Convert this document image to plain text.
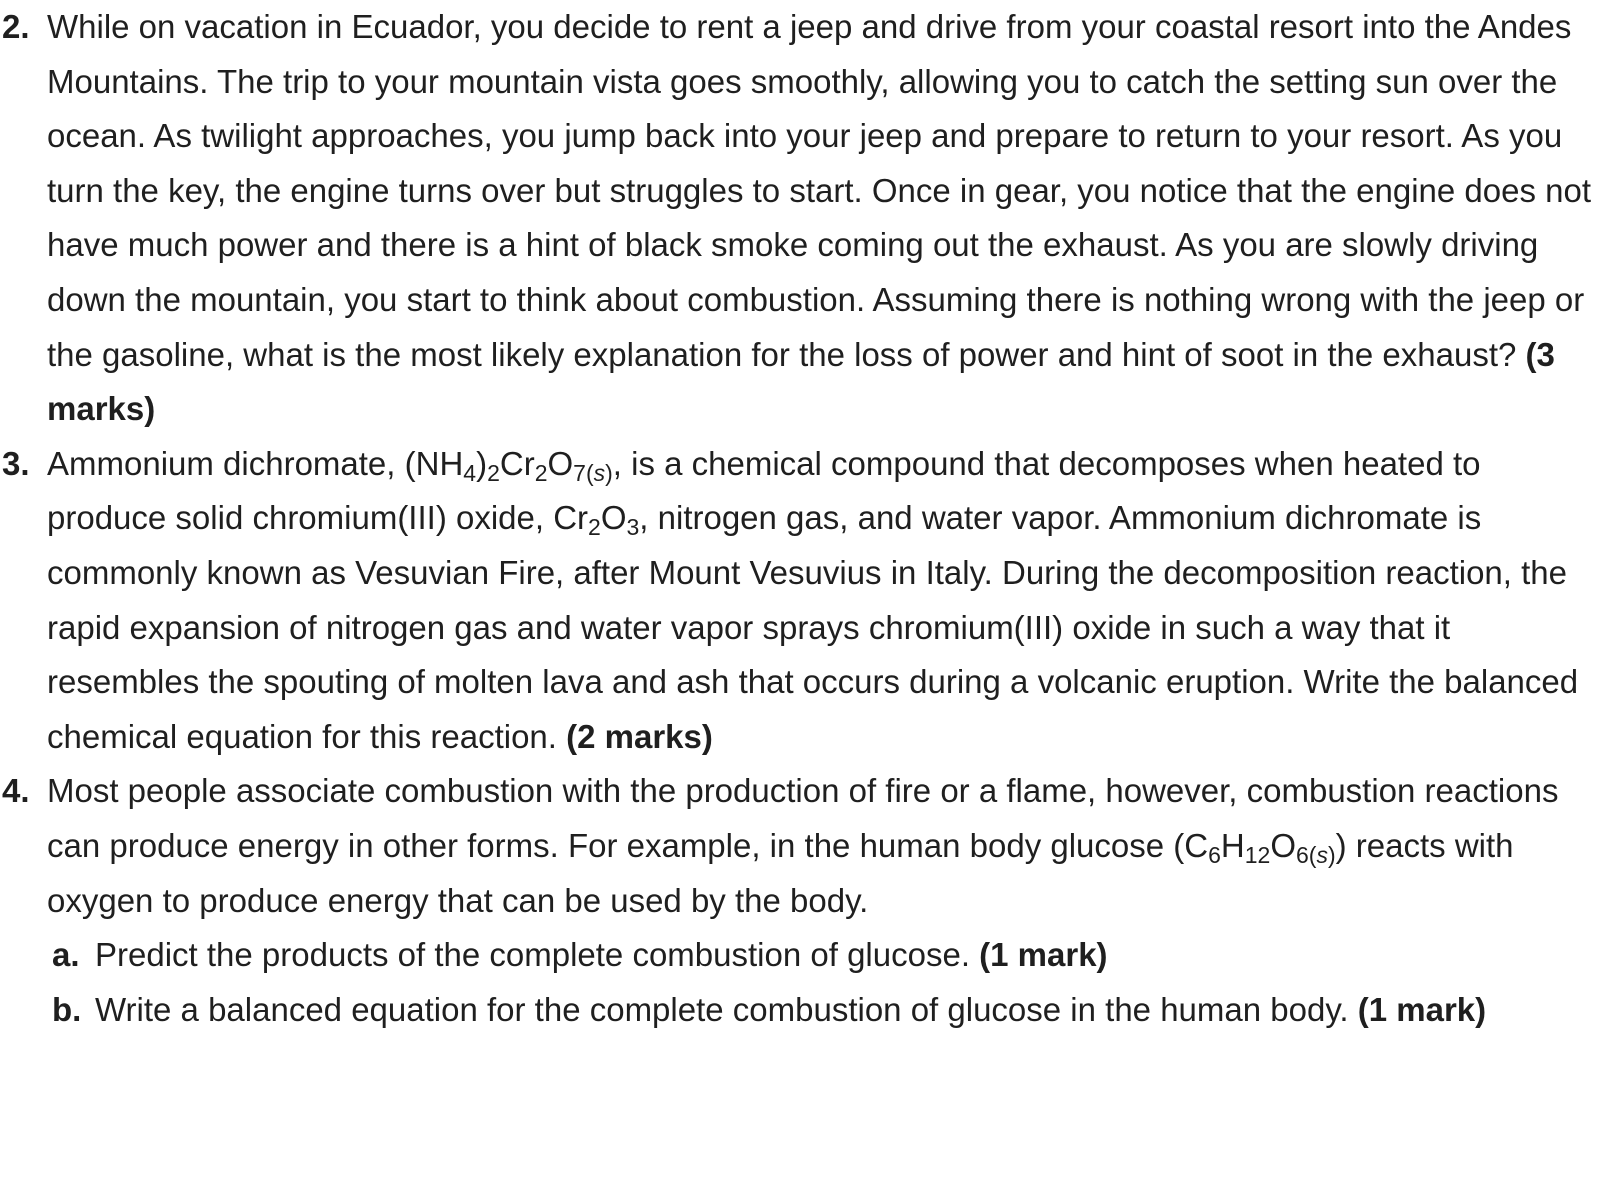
2. While on vacation in Ecuador, you decide to rent a jeep and drive from your coastal resort into the Andes Mountains. The trip to your mountain vista goes smoothly, allowing you to catch the setting sun over the ocean. As twilight approaches, you jump back into your jeep and prepare to return to your resort. As you turn the key, the engine turns over but struggles to start. Once in gear, you notice that the engine does not have much power and there is a hint of black smoke coming out the exhaust. As you are slowly driving down the mountain, you start to think about combustion. Assuming there is nothing wrong with the jeep or the gasoline, what is the most likely explanation for the loss of power and hint of soot in the exhaust? (3 marks)
3. Ammonium dichromate, $(NH_4)_2Cr_2O_{7(s)}$, is a chemical compound that decomposes when heated to produce solid chromium(III) oxide, $Cr_2O_3$, nitrogen gas, and water vapor. Ammonium dichromate is commonly known as Vesuvian Fire, after Mount Vesuvius in Italy. During the decomposition reaction, the rapid expansion of nitrogen gas and water vapor sprays chromium(III) oxide in such a way that it resembles the spouting of molten lava and ash that occurs during a volcanic eruption. Write the balanced chemical equation for this reaction. (2 marks)
4. Most people associate combustion with the production of fire or a flame, however, combustion reactions can produce energy in other forms. For example, in the human body glucose $(C_6H_{12}O_{6(s)})$ reacts with oxygen to produce energy that can be used by the body.
a. Predict the products of the complete combustion of glucose. (1 mark)
b. Write a balanced equation for the complete combustion of glucose in the human body. (1 mark)
